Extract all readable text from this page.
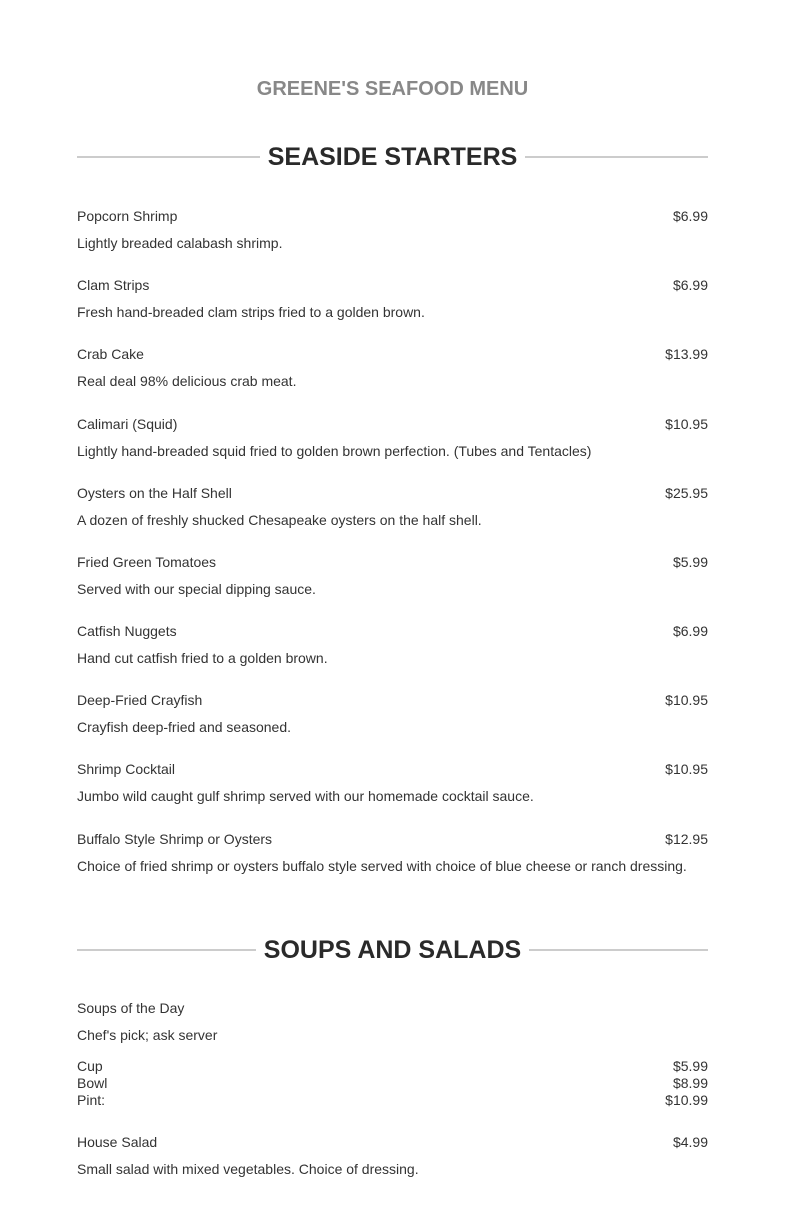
GREENE'S SEAFOOD MENU
SEASIDE STARTERS
Popcorn Shrimp	$6.99
Lightly breaded calabash shrimp.
Clam Strips	$6.99
Fresh hand-breaded clam strips fried to a golden brown.
Crab Cake	$13.99
Real deal 98% delicious crab meat.
Calimari (Squid)	$10.95
Lightly hand-breaded squid fried to golden brown perfection. (Tubes and Tentacles)
Oysters on the Half Shell	$25.95
A dozen of freshly shucked Chesapeake oysters on the half shell.
Fried Green Tomatoes	$5.99
Served with our special dipping sauce.
Catfish Nuggets	$6.99
Hand cut catfish fried to a golden brown.
Deep-Fried Crayfish	$10.95
Crayfish deep-fried and seasoned.
Shrimp Cocktail	$10.95
Jumbo wild caught gulf shrimp served with our homemade cocktail sauce.
Buffalo Style Shrimp or Oysters	$12.95
Choice of fried shrimp or oysters buffalo style served with choice of blue cheese or ranch dressing.
SOUPS AND SALADS
Soups of the Day
Chef's pick; ask server
Cup	$5.99
Bowl	$8.99
Pint:	$10.99
House Salad	$4.99
Small salad with mixed vegetables. Choice of dressing.
